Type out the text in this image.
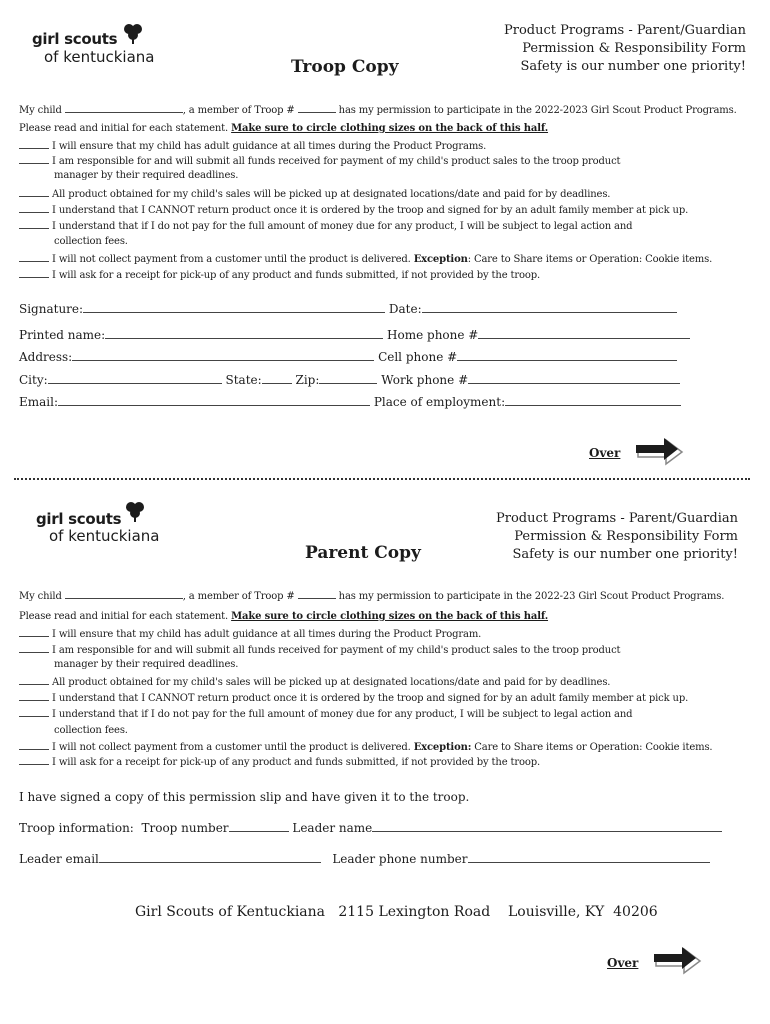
girl scouts
of kentuckiana
Product Programs - Parent/Guardian
Permission & Responsibility Form
Safety is our number one priority!
Troop Copy
My child	, a member of Troop #	has my permission to participate in the 2022-2023 Girl Scout Product Programs.
Please read and initial for each statement. Make sure to circle clothing sizes on the back of this half.
I will ensure that my child has adult guidance at all times during the Product Programs.
I am responsible for and will submit all funds received for payment of my child's product sales to the troop product
manager by their required deadlines.
All product obtained for my child's sales will be picked up at designated locations/date and paid for by deadlines.
I understand that I CANNOT return product once it is ordered by the troop and signed for by an adult family member at pick up.
I understand that if I do not pay for the full amount of money due for any product, I will be subject to legal action and
collection fees.
I will not collect payment from a customer until the product is delivered. Exception: Care to Share items or Operation: Cookie items.
I will ask for a receipt for pick-up of any product and funds submitted, if not provided by the troop.
Signature:	Date:
Printed name:	Home phone #
Address:	Cell phone #
City:	State:	Zip:	Work phone #
Email:	Place of employment:
Over
girl scouts
of kentuckiana
Product Programs - Parent/Guardian
Permission & Responsibility Form
Safety is our number one priority!
Parent Copy
My child	, a member of Troop #	has my permission to participate in the 2022-23 Girl Scout Product Programs.
Please read and initial for each statement. Make sure to circle clothing sizes on the back of this half.
I will ensure that my child has adult guidance at all times during the Product Program.
I am responsible for and will submit all funds received for payment of my child's product sales to the troop product
manager by their required deadlines.
All product obtained for my child's sales will be picked up at designated locations/date and paid for by deadlines.
I understand that I CANNOT return product once it is ordered by the troop and signed for by an adult family member at pick up.
I understand that if I do not pay for the full amount of money due for any product, I will be subject to legal action and
collection fees.
I will not collect payment from a customer until the product is delivered. Exception: Care to Share items or Operation: Cookie items.
I will ask for a receipt for pick-up of any product and funds submitted, if not provided by the troop.
I have signed a copy of this permission slip and have given it to the troop.
Troop information: Troop number	Leader name
Leader email	Leader phone number
Girl Scouts of Kentuckiana   2115 Lexington Road    Louisville, KY  40206
Over
